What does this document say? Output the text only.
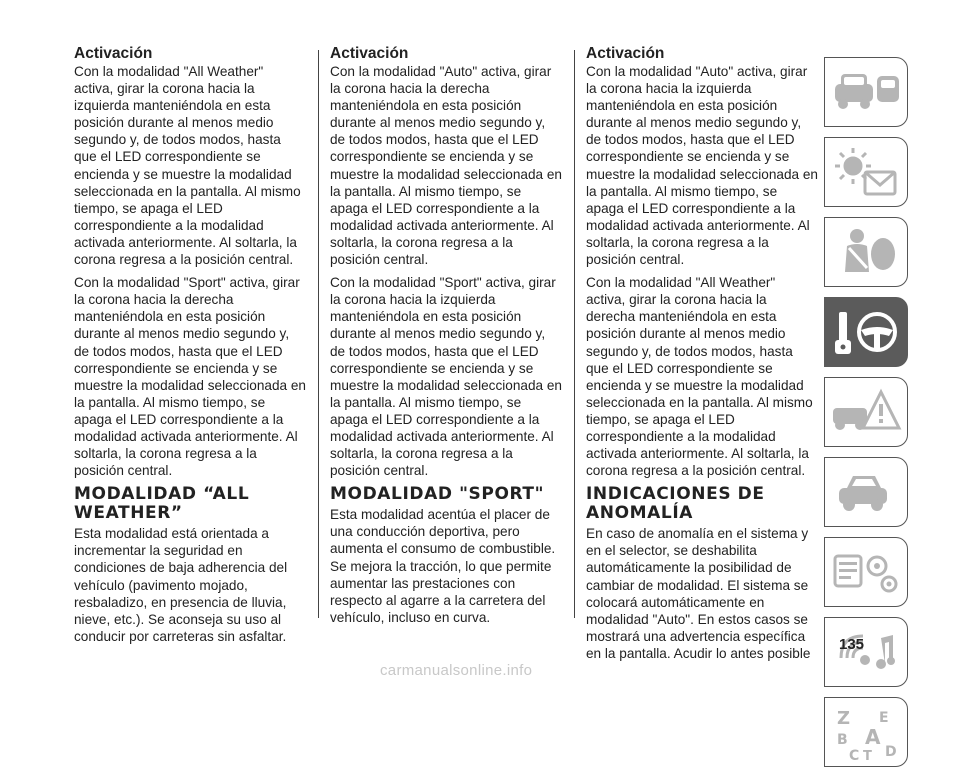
Activación

Con la modalidad "All Weather" activa, girar la corona hacia la izquierda manteniéndola en esta posición durante al menos medio segundo y, de todos modos, hasta que el LED correspondiente se encienda y se muestre la modalidad seleccionada en la pantalla. Al mismo tiempo, se apaga el LED correspondiente a la modalidad activada anteriormente. Al soltarla, la corona regresa a la posición central.

Con la modalidad "Sport" activa, girar la corona hacia la derecha manteniéndola en esta posición durante al menos medio segundo y, de todos modos, hasta que el LED correspondiente se encienda y se muestre la modalidad seleccionada en la pantalla. Al mismo tiempo, se apaga el LED correspondiente a la modalidad activada anteriormente. Al soltarla, la corona regresa a la posición central.

MODALIDAD “ALL WEATHER”

Esta modalidad está orientada a incrementar la seguridad en condiciones de baja adherencia del vehículo (pavimento mojado, resbaladizo, en presencia de lluvia, nieve, etc.). Se aconseja su uso al conducir por carreteras sin asfaltar.

Activación

Con la modalidad "Auto" activa, girar la corona hacia la derecha manteniéndola en esta posición durante al menos medio segundo y, de todos modos, hasta que el LED correspondiente se encienda y se muestre la modalidad seleccionada en la pantalla. Al mismo tiempo, se apaga el LED correspondiente a la modalidad activada anteriormente. Al soltarla, la corona regresa a la posición central.

Con la modalidad "Sport" activa, girar la corona hacia la izquierda manteniéndola en esta posición durante al menos medio segundo y, de todos modos, hasta que el LED correspondiente se encienda y se muestre la modalidad seleccionada en la pantalla. Al mismo tiempo, se apaga el LED correspondiente a la modalidad activada anteriormente. Al soltarla, la corona regresa a la posición central.

MODALIDAD "SPORT"

Esta modalidad acentúa el placer de una conducción deportiva, pero aumenta el consumo de combustible. Se mejora la tracción, lo que permite aumentar las prestaciones con respecto al agarre a la carretera del vehículo, incluso en curva.

Activación

Con la modalidad "Auto" activa, girar la corona hacia la izquierda manteniéndola en esta posición durante al menos medio segundo y, de todos modos, hasta que el LED correspondiente se encienda y se muestre la modalidad seleccionada en la pantalla. Al mismo tiempo, se apaga el LED correspondiente a la modalidad activada anteriormente. Al soltarla, la corona regresa a la posición central.

Con la modalidad "All Weather" activa, girar la corona hacia la derecha manteniéndola en esta posición durante al menos medio segundo y, de todos modos, hasta que el LED correspondiente se encienda y se muestre la modalidad seleccionada en la pantalla. Al mismo tiempo, se apaga el LED correspondiente a la modalidad activada anteriormente. Al soltarla, la corona regresa a la posición central.

INDICACIONES DE ANOMALÍA

En caso de anomalía en el sistema y en el selector, se deshabilita automáticamente la posibilidad de cambiar de modalidad. El sistema se colocará automáticamente en modalidad "Auto". En estos casos se mostrará una advertencia específica en la pantalla. Acudir lo antes posible

Z E
B A
C T D
135
carmanualsonline.info
